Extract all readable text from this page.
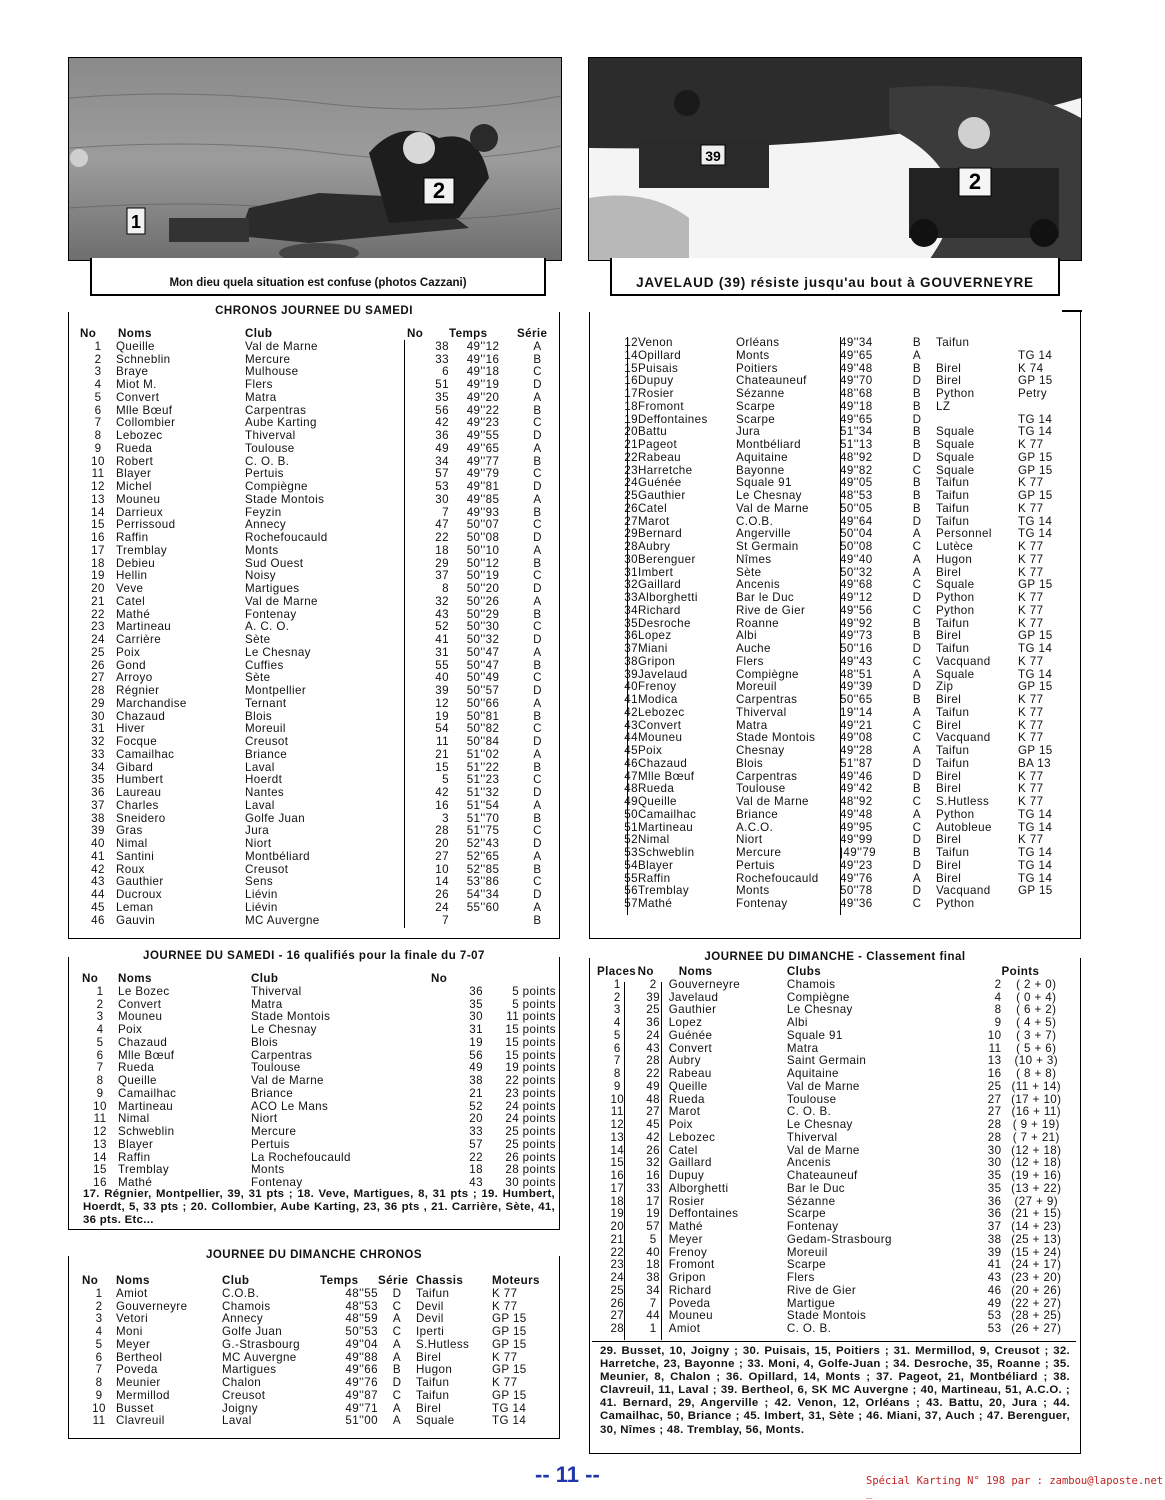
2
1
Mon dieu quela situation est confuse (photos Cazzani)
39
2
JAVELAUD (39) résiste jusqu'au bout à GOUVERNEYRE
CHRONOS JOURNEE DU SAMEDI
No	Noms	Club	No	Temps	Série
1	Queille	Val de Marne	38	49''12	A
2	Schneblin	Mercure	33	49''16	B
3	Braye	Mulhouse	6	49''18	C
4	Miot M.	Flers	51	49''19	D
5	Convert	Matra	35	49''20	A
6	Mlle Bœuf	Carpentras	56	49''22	B
7	Collombier	Aube Karting	42	49''23	C
8	Lebozec	Thiverval	36	49''55	D
9	Rueda	Toulouse	49	49''65	A
10	Robert	C. O. B.	34	49''77	B
11	Blayer	Pertuis	57	49''79	C
12	Michel	Compiègne	53	49''81	D
13	Mouneu	Stade Montois	30	49''85	A
14	Darrieux	Feyzin	7	49''93	B
15	Perrissoud	Annecy	47	50''07	C
16	Raffin	Rochefoucauld	22	50''08	D
17	Tremblay	Monts	18	50''10	A
18	Debieu	Sud Ouest	29	50''12	B
19	Hellin	Noisy	37	50''19	C
20	Veve	Martigues	8	50''20	D
21	Catel	Val de Marne	32	50''26	A
22	Mathé	Fontenay	43	50''29	B
23	Martineau	A. C. O.	52	50''30	C
24	Carrière	Sète	41	50''32	D
25	Poix	Le Chesnay	31	50''47	A
26	Gond	Cuffies	55	50''47	B
27	Arroyo	Sète	40	50''49	C
28	Régnier	Montpellier	39	50''57	D
29	Marchandise	Ternant	12	50''66	A
30	Chazaud	Blois	19	50''81	B
31	Hiver	Moreuil	54	50''82	C
32	Focque	Creusot	11	50''84	D
33	Camailhac	Briance	21	51''02	A
34	Gibard	Laval	15	51''22	B
35	Humbert	Hoerdt	5	51''23	C
36	Laureau	Nantes	42	51''32	D
37	Charles	Laval	16	51''54	A
38	Sneidero	Golfe Juan	3	51''70	B
39	Gras	Jura	28	51''75	C
40	Nimal	Niort	20	52''43	D
41	Santini	Montbéliard	27	52''65	A
42	Roux	Creusot	10	52''85	B
43	Gauthier	Sens	14	53''86	C
44	Ducroux	Liévin	26	54''34	D
45	Leman	Liévin	24	55''60	A
46	Gauvin	MC Auvergne	7		B
12	Venon	Orléans	49''34	B	Taifun	
14	Opillard	Monts	49''65	A		TG 14
15	Puisais	Poitiers	49''48	B	Birel	K 74
16	Dupuy	Chateauneuf	49''70	D	Birel	GP 15
17	Rosier	Sézanne	48''68	B	Python	Petry
18	Fromont	Scarpe	49''18	B	LZ	
19	Deffontaines	Scarpe	49''65	D		TG 14
20	Battu	Jura	51''34	B	Squale	TG 14
21	Pageot	Montbéliard	51''13	B	Squale	K 77
22	Rabeau	Aquitaine	48''92	D	Squale	GP 15
23	Harretche	Bayonne	49''82	C	Squale	GP 15
24	Guénée	Squale 91	49''05	B	Taifun	K 77
25	Gauthier	Le Chesnay	48''53	B	Taifun	GP 15
26	Catel	Val de Marne	50''05	B	Taifun	K 77
27	Marot	C.O.B.	49''64	D	Taifun	TG 14
29	Bernard	Angerville	50''04	A	Personnel	TG 14
28	Aubry	St Germain	50''08	C	Lutèce	K 77
30	Berenguer	Nîmes	49''40	A	Hugon	K 77
31	Imbert	Sète	50''32	A	Birel	K 77
32	Gaillard	Ancenis	49''68	C	Squale	GP 15
33	Alborghetti	Bar le Duc	49''12	D	Python	K 77
34	Richard	Rive de Gier	49''56	C	Python	K 77
35	Desroche	Roanne	49''92	B	Taifun	K 77
36	Lopez	Albi	49''73	B	Birel	GP 15
37	Miani	Auche	50''16	D	Taifun	TG 14
38	Gripon	Flers	49''43	C	Vacquand	K 77
39	Javelaud	Compiègne	48''51	A	Squale	TG 14
40	Frenoy	Moreuil	49''39	D	Zip	GP 15
41	Modica	Carpentras	50''65	B	Birel	K 77
42	Lebozec	Thiverval	19''14	A	Taifun	K 77
43	Convert	Matra	49''21	C	Birel	K 77
44	Mouneu	Stade Montois	49''08	C	Vacquand	K 77
45	Poix	Chesnay	49''28	A	Taifun	GP 15
46	Chazaud	Blois	51''87	D	Taifun	BA 13
47	Mlle Bœuf	Carpentras	49''46	D	Birel	K 77
48	Rueda	Toulouse	49''42	B	Birel	K 77
49	Queille	Val de Marne	48''92	C	S.Hutless	K 77
50	Camailhac	Briance	49''48	A	Python	TG 14
51	Martineau	A.C.O.	49''95	C	Autobleue	TG 14
52	Nimal	Niort	49''99	D	Birel	K 77
53	Schweblin	Mercure	|49''79	B	Taifun	TG 14
54	Blayer	Pertuis	49''23	D	Birel	TG 14
55	Raffin	Rochefoucauld	49''76	A	Birel	TG 14
56	Tremblay	Monts	50''78	D	Vacquand	GP 15
57	Mathé	Fontenay	49''36	C	Python	
JOURNEE DU SAMEDI - 16 qualifiés pour la finale du 7-07
No	Noms	Club	No	
1	Le Bozec	Thiverval	36	5 points
2	Convert	Matra	35	5 points
3	Mouneu	Stade Montois	30	11 points
4	Poix	Le Chesnay	31	15 points
5	Chazaud	Blois	19	15 points
6	Mlle Bœuf	Carpentras	56	15 points
7	Rueda	Toulouse	49	19 points
8	Queille	Val de Marne	38	22 points
9	Camailhac	Briance	21	23 points
10	Martineau	ACO Le Mans	52	24 points
11	Nimal	Niort	20	24 points
12	Schweblin	Mercure	33	25 points
13	Blayer	Pertuis	57	25 points
14	Raffin	La Rochefoucauld	22	26 points
15	Tremblay	Monts	18	28 points
16	Mathé	Fontenay	43	30 points
17. Régnier, Montpellier, 39, 31 pts ; 18. Veve, Martigues, 8, 31 pts ; 19. Humbert, Hoerdt, 5, 33 pts ; 20. Collombier, Aube Karting, 23, 36 pts , 21. Carrière, Sète, 41, 36 pts. Etc...
JOURNEE DU DIMANCHE CHRONOS
No	Noms	Club	Temps	Série	Chassis	Moteurs
1	Amiot	C.O.B.	48''55	D	Taifun	K 77
2	Gouverneyre	Chamois	48''53	C	Devil	K 77
3	Vetori	Annecy	48''59	A	Devil	GP 15
4	Moni	Golfe Juan	50''53	C	Iperti	GP 15
5	Meyer	G.-Strasbourg	49''04	A	S.Hutless	GP 15
6	Bertheol	MC Auvergne	49''88	A	Birel	K 77
7	Poveda	Martigues	49''66	B	Hugon	GP 15
8	Meunier	Chalon	49''76	D	Taifun	K 77
9	Mermillod	Creusot	49''87	C	Taifun	GP 15
10	Busset	Joigny	49''71	A	Birel	TG 14
11	Clavreuil	Laval	51''00	A	Squale	TG 14
JOURNEE DU DIMANCHE - Classement final
Places	No	Noms	Clubs		Points
1	2	Gouverneyre	Chamois	2	( 2 + 0)
2	39	Javelaud	Compiègne	4	( 0 + 4)
3	25	Gauthier	Le Chesnay	8	( 6 + 2)
4	36	Lopez	Albi	9	( 4 + 5)
5	24	Guénée	Squale 91	10	( 3 + 7)
6	43	Convert	Matra	11	( 5 + 6)
7	28	Aubry	Saint Germain	13	(10 + 3)
8	22	Rabeau	Aquitaine	16	( 8 + 8)
9	49	Queille	Val de Marne	25	(11 + 14)
10	48	Rueda	Toulouse	27	(17 + 10)
11	27	Marot	C. O. B.	27	(16 + 11)
12	45	Poix	Le Chesnay	28	( 9 + 19)
13	42	Lebozec	Thiverval	28	( 7 + 21)
14	26	Catel	Val de Marne	30	(12 + 18)
15	32	Gaillard	Ancenis	30	(12 + 18)
16	16	Dupuy	Chateauneuf	35	(19 + 16)
17	33	Alborghetti	Bar le Duc	35	(13 + 22)
18	17	Rosier	Sézanne	36	(27 + 9)
19	19	Deffontaines	Scarpe	36	(21 + 15)
20	57	Mathé	Fontenay	37	(14 + 23)
21	5	Meyer	Gedam-Strasbourg	38	(25 + 13)
22	40	Frenoy	Moreuil	39	(15 + 24)
23	18	Fromont	Scarpe	41	(24 + 17)
24	38	Gripon	Flers	43	(23 + 20)
25	34	Richard	Rive de Gier	46	(20 + 26)
26	7	Poveda	Martigue	49	(22 + 27)
27	44	Mouneu	Stade Montois	53	(28 + 25)
28	1	Amiot	C. O. B.	53	(26 + 27)
29. Busset, 10, Joigny ; 30. Puisais, 15, Poitiers ; 31. Mermillod, 9, Creusot ; 32. Harretche, 23, Bayonne ; 33. Moni, 4, Golfe-Juan ; 34. Desroche, 35, Roanne ; 35. Meunier, 8, Chalon ; 36. Opillard, 14, Monts ; 37. Pageot, 21, Montbéliard ; 38. Clavreuil, 11, Laval ; 39. Bertheol, 6, SK MC Auvergne ; 40, Martineau, 51, A.C.O. ; 41. Bernard, 29, Angerville ; 42. Venon, 12, Orléans ; 43. Battu, 20, Jura ; 44. Camailhac, 50, Briance ; 45. Imbert, 31, Sète ; 46. Miani, 37, Auch ; 47. Berenguer, 30, Nîmes ; 48. Tremblay, 56, Monts.
-- 11 --	Spécial Karting N° 198 par : zambou@laposte.net _
